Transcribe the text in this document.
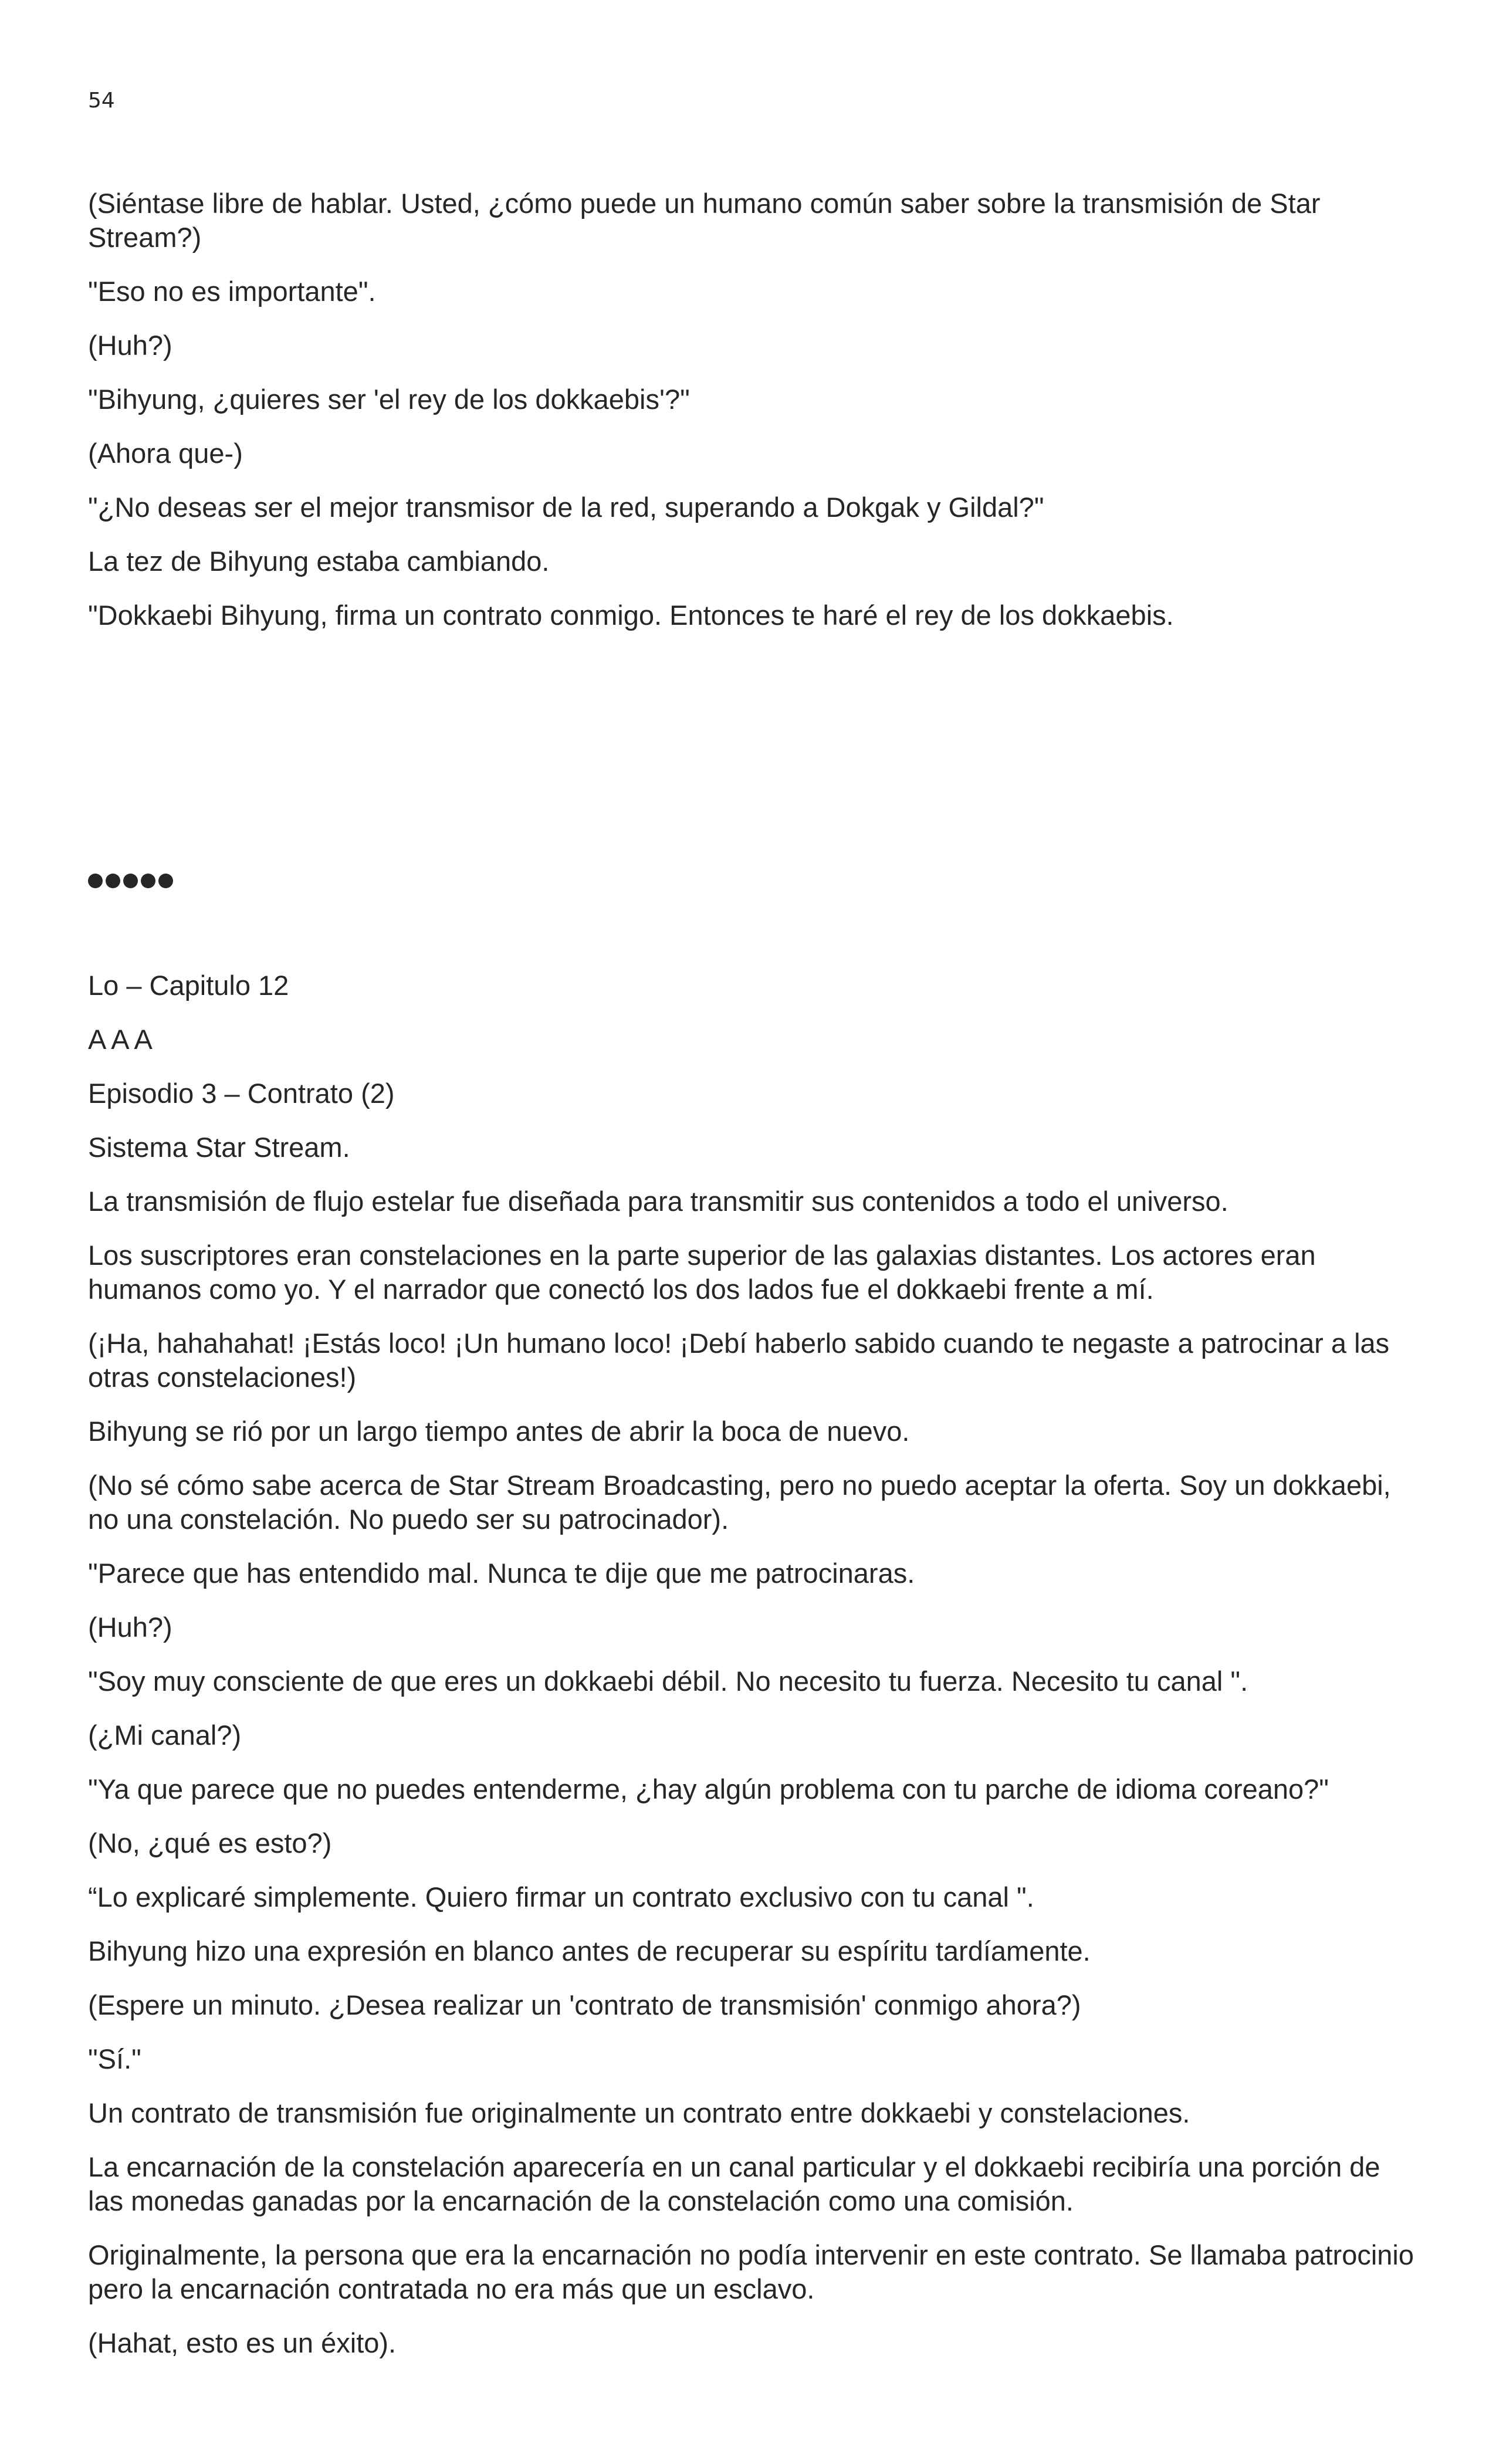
54

(Siéntase libre de hablar. Usted, ¿cómo puede un humano común saber sobre la transmisión de Star Stream?)

"Eso no es importante".

(Huh?)

"Bihyung, ¿quieres ser 'el rey de los dokkaebis'?"

(Ahora que-)

"¿No deseas ser el mejor transmisor de la red, superando a Dokgak y Gildal?"

La tez de Bihyung estaba cambiando.

"Dokkaebi Bihyung, firma un contrato conmigo. Entonces te haré el rey de los dokkaebis.

Lo – Capitulo 12

A A A

Episodio 3 – Contrato (2)

Sistema Star Stream.

La transmisión de flujo estelar fue diseñada para transmitir sus contenidos a todo el universo.

Los suscriptores eran constelaciones en la parte superior de las galaxias distantes. Los actores eran humanos como yo. Y el narrador que conectó los dos lados fue el dokkaebi frente a mí.

(¡Ha, hahahahat! ¡Estás loco! ¡Un humano loco! ¡Debí haberlo sabido cuando te negaste a patrocinar a las otras constelaciones!)

Bihyung se rió por un largo tiempo antes de abrir la boca de nuevo.

(No sé cómo sabe acerca de Star Stream Broadcasting, pero no puedo aceptar la oferta. Soy un dokkaebi, no una constelación. No puedo ser su patrocinador).

"Parece que has entendido mal. Nunca te dije que me patrocinaras.

(Huh?)

"Soy muy consciente de que eres un dokkaebi débil. No necesito tu fuerza. Necesito tu canal ".

(¿Mi canal?)

"Ya que parece que no puedes entenderme, ¿hay algún problema con tu parche de idioma coreano?"

(No, ¿qué es esto?)

“Lo explicaré simplemente. Quiero firmar un contrato exclusivo con tu canal ".

Bihyung hizo una expresión en blanco antes de recuperar su espíritu tardíamente.

(Espere un minuto. ¿Desea realizar un 'contrato de transmisión' conmigo ahora?)

"Sí."

Un contrato de transmisión fue originalmente un contrato entre dokkaebi y constelaciones.

La encarnación de la constelación aparecería en un canal particular y el dokkaebi recibiría una porción de las monedas ganadas por la encarnación de la constelación como una comisión.

Originalmente, la persona que era la encarnación no podía intervenir en este contrato. Se llamaba patrocinio pero la encarnación contratada no era más que un esclavo.

(Hahat, esto es un éxito).
